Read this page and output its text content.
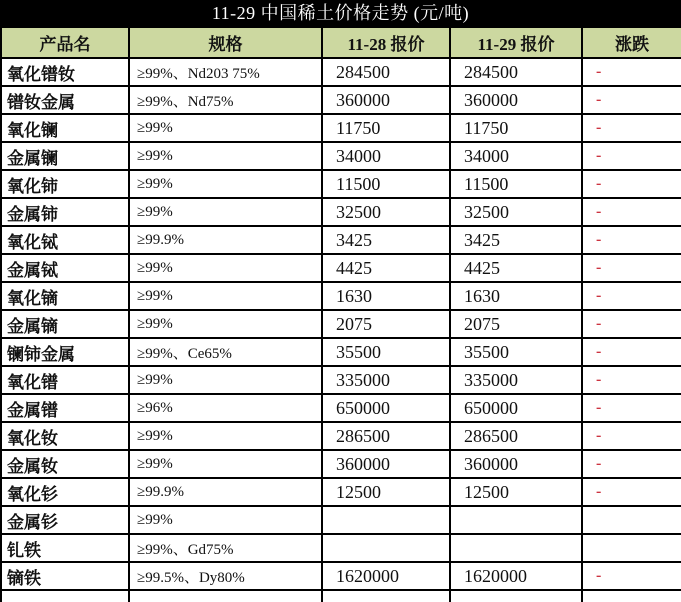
11-29 中国稀土价格走势 (元/吨)
产品名	规格	11-28 报价	11-29 报价	涨跌
氧化镨钕	≥99%、Nd203 75%	284500	284500	-
镨钕金属	≥99%、Nd75%	360000	360000	-
氧化镧	≥99%	11750	11750	-
金属镧	≥99%	34000	34000	-
氧化铈	≥99%	11500	11500	-
金属铈	≥99%	32500	32500	-
氧化铽	≥99.9%	3425	3425	-
金属铽	≥99%	4425	4425	-
氧化镝	≥99%	1630	1630	-
金属镝	≥99%	2075	2075	-
镧铈金属	≥99%、Ce65%	35500	35500	-
氧化镨	≥99%	335000	335000	-
金属镨	≥96%	650000	650000	-
氧化钕	≥99%	286500	286500	-
金属钕	≥99%	360000	360000	-
氧化钐	≥99.9%	12500	12500	-
金属钐	≥99%			
钆铁	≥99%、Gd75%			
镝铁	≥99.5%、Dy80%	1620000	1620000	-
